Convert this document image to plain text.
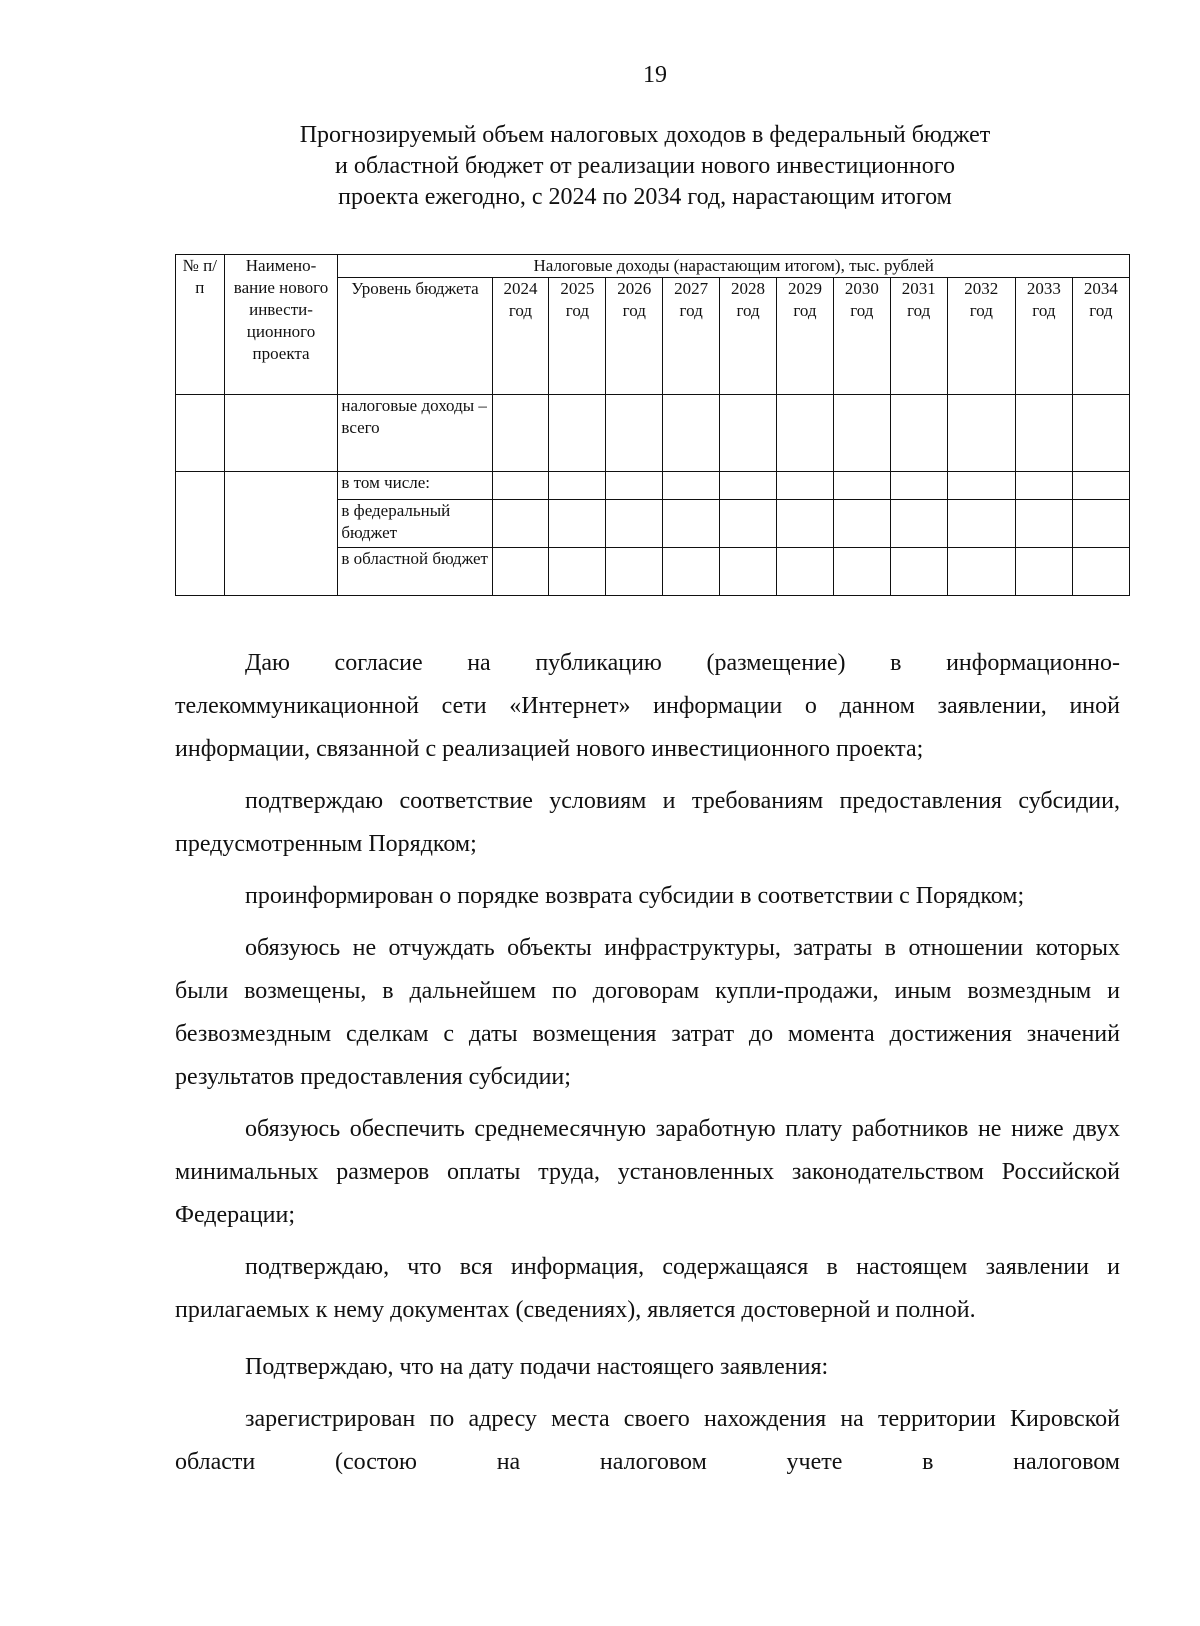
19
Прогнозируемый объем налоговых доходов в федеральный бюджет
и областной бюджет от реализации нового инвестиционного
проекта ежегодно, с 2024 по 2034 год, нарастающим итогом
№ п/п	Наимено-вание нового инвести-ционного проекта	Налоговые доходы (нарастающим итогом), тыс. рублей											
		Уровень бюджета	2024 год	2025 год	2026 год	2027 год	2028 год	2029 год	2030 год	2031 год	2032 год	2033 год	2034 год
		налоговые доходы – всего											
		в том числе:											
		в федеральный бюджет											
		в областной бюджет											

Даю согласие на публикацию (размещение) в информационно-телекоммуникационной сети «Интернет» информации о данном заявлении, иной информации, связанной с реализацией нового инвестиционного проекта;

подтверждаю соответствие условиям и требованиям предоставления субсидии, предусмотренным Порядком;

проинформирован о порядке возврата субсидии в соответствии с Порядком;

обязуюсь не отчуждать объекты инфраструктуры, затраты в отношении которых были возмещены, в дальнейшем по договорам купли-продажи, иным возмездным и безвозмездным сделкам с даты возмещения затрат до момента достижения значений результатов предоставления субсидии;

обязуюсь обеспечить среднемесячную заработную плату работников не ниже двух минимальных размеров оплаты труда, установленных законодательством Российской Федерации;

подтверждаю, что вся информация, содержащаяся в настоящем заявлении и прилагаемых к нему документах (сведениях), является достоверной и полной.

Подтверждаю, что на дату подачи настоящего заявления:

зарегистрирован по адресу места своего нахождения на территории Кировской области (состою на налоговом учете в налоговом
